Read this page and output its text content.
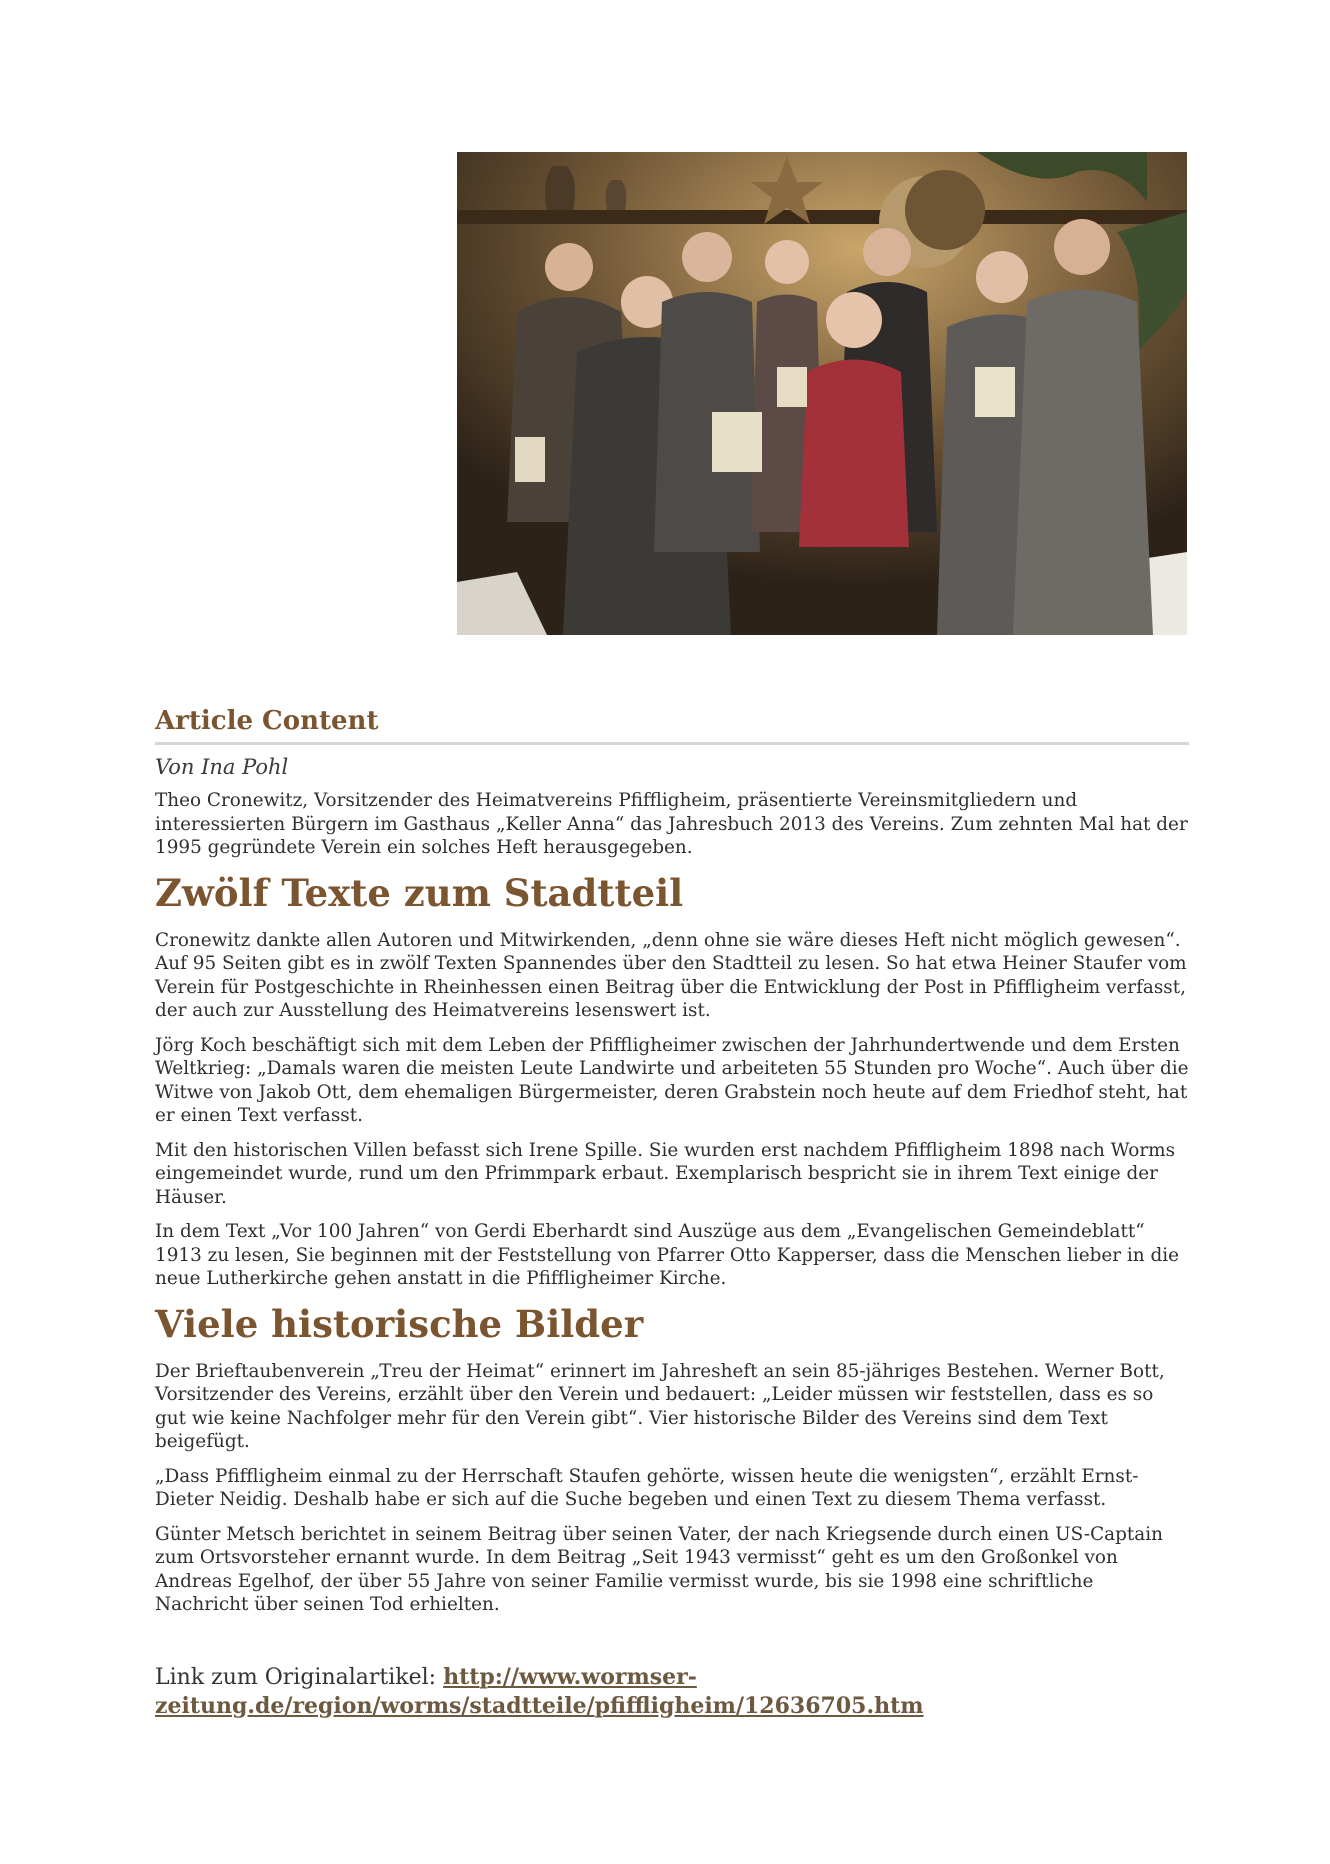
Article Content
Von Ina Pohl

Theo Cronewitz, Vorsitzender des Heimatvereins Pfiffligheim, präsentierte Vereinsmitgliedern und interessierten Bürgern im Gasthaus „Keller Anna“ das Jahresbuch 2013 des Vereins. Zum zehnten Mal hat der 1995 gegründete Verein ein solches Heft herausgegeben.

Zwölf Texte zum Stadtteil

Cronewitz dankte allen Autoren und Mitwirkenden, „denn ohne sie wäre dieses Heft nicht möglich gewesen“. Auf 95 Seiten gibt es in zwölf Texten Spannendes über den Stadtteil zu lesen. So hat etwa Heiner Staufer vom Verein für Postgeschichte in Rheinhessen einen Beitrag über die Entwicklung der Post in Pfiffligheim verfasst, der auch zur Ausstellung des Heimatvereins lesenswert ist.

Jörg Koch beschäftigt sich mit dem Leben der Pfiffligheimer zwischen der Jahrhundertwende und dem Ersten Weltkrieg: „Damals waren die meisten Leute Landwirte und arbeiteten 55 Stunden pro Woche“. Auch über die Witwe von Jakob Ott, dem ehemaligen Bürgermeister, deren Grabstein noch heute auf dem Friedhof steht, hat er einen Text verfasst.

Mit den historischen Villen befasst sich Irene Spille. Sie wurden erst nachdem Pfiffligheim 1898 nach Worms eingemeindet wurde, rund um den Pfrimmpark erbaut. Exemplarisch bespricht sie in ihrem Text einige der Häuser.

In dem Text „Vor 100 Jahren“ von Gerdi Eberhardt sind Auszüge aus dem „Evangelischen Gemeindeblatt“ 1913 zu lesen, Sie beginnen mit der Feststellung von Pfarrer Otto Kapperser, dass die Menschen lieber in die neue Lutherkirche gehen anstatt in die Pfiffligheimer Kirche.

Viele historische Bilder

Der Brieftaubenverein „Treu der Heimat“ erinnert im Jahresheft an sein 85-jähriges Bestehen. Werner Bott, Vorsitzender des Vereins, erzählt über den Verein und bedauert: „Leider müssen wir feststellen, dass es so gut wie keine Nachfolger mehr für den Verein gibt“. Vier historische Bilder des Vereins sind dem Text beigefügt.

„Dass Pfiffligheim einmal zu der Herrschaft Staufen gehörte, wissen heute die wenigsten“, erzählt Ernst-Dieter Neidig. Deshalb habe er sich auf die Suche begeben und einen Text zu diesem Thema verfasst.

Günter Metsch berichtet in seinem Beitrag über seinen Vater, der nach Kriegsende durch einen US-Captain zum Ortsvorsteher ernannt wurde. In dem Beitrag „Seit 1943 vermisst“ geht es um den Großonkel von Andreas Egelhof, der über 55 Jahre von seiner Familie vermisst wurde, bis sie 1998 eine schriftliche Nachricht über seinen Tod erhielten.

Link zum Originalartikel: http://www.wormser-zeitung.de/region/worms/stadtteile/pfiffligheim/12636705.htm
